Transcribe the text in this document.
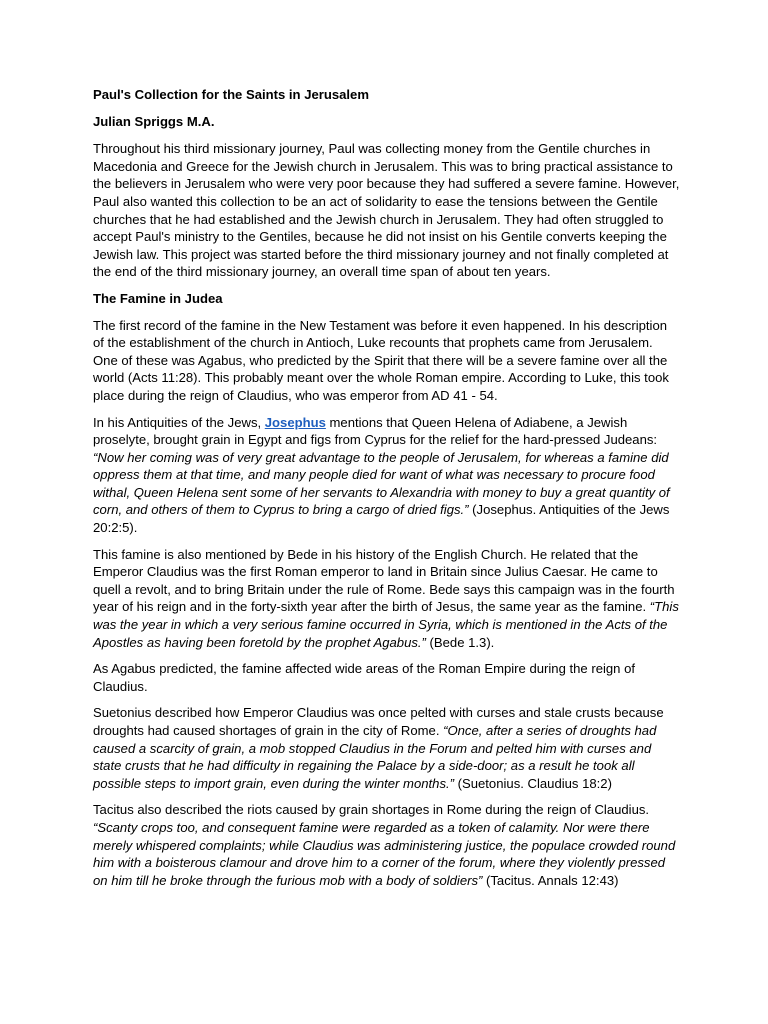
Paul's Collection for the Saints in Jerusalem
Julian Spriggs M.A.

Throughout his third missionary journey, Paul was collecting money from the Gentile churches in Macedonia and Greece for the Jewish church in Jerusalem. This was to bring practical assistance to the believers in Jerusalem who were very poor because they had suffered a severe famine. However, Paul also wanted this collection to be an act of solidarity to ease the tensions between the Gentile churches that he had established and the Jewish church in Jerusalem. They had often struggled to accept Paul's ministry to the Gentiles, because he did not insist on his Gentile converts keeping the Jewish law. This project was started before the third missionary journey and not finally completed at the end of the third missionary journey, an overall time span of about ten years.

The Famine in Judea

The first record of the famine in the New Testament was before it even happened. In his description of the establishment of the church in Antioch, Luke recounts that prophets came from Jerusalem. One of these was Agabus, who predicted by the Spirit that there will be a severe famine over all the world (Acts 11:28). This probably meant over the whole Roman empire. According to Luke, this took place during the reign of Claudius, who was emperor from AD 41 - 54.

In his Antiquities of the Jews, Josephus mentions that Queen Helena of Adiabene, a Jewish proselyte, brought grain in Egypt and figs from Cyprus for the relief for the hard-pressed Judeans: “Now her coming was of very great advantage to the people of Jerusalem, for whereas a famine did oppress them at that time, and many people died for want of what was necessary to procure food withal, Queen Helena sent some of her servants to Alexandria with money to buy a great quantity of corn, and others of them to Cyprus to bring a cargo of dried figs.” (Josephus. Antiquities of the Jews 20:2:5).

This famine is also mentioned by Bede in his history of the English Church. He related that the Emperor Claudius was the first Roman emperor to land in Britain since Julius Caesar. He came to quell a revolt, and to bring Britain under the rule of Rome. Bede says this campaign was in the fourth year of his reign and in the forty-sixth year after the birth of Jesus, the same year as the famine. “This was the year in which a very serious famine occurred in Syria, which is mentioned in the Acts of the Apostles as having been foretold by the prophet Agabus.” (Bede 1.3).

As Agabus predicted, the famine affected wide areas of the Roman Empire during the reign of Claudius.

Suetonius described how Emperor Claudius was once pelted with curses and stale crusts because droughts had caused shortages of grain in the city of Rome. “Once, after a series of droughts had caused a scarcity of grain, a mob stopped Claudius in the Forum and pelted him with curses and state crusts that he had difficulty in regaining the Palace by a side-door; as a result he took all possible steps to import grain, even during the winter months.” (Suetonius. Claudius 18:2)

Tacitus also described the riots caused by grain shortages in Rome during the reign of Claudius. “Scanty crops too, and consequent famine were regarded as a token of calamity. Nor were there merely whispered complaints; while Claudius was administering justice, the populace crowded round him with a boisterous clamour and drove him to a corner of the forum, where they violently pressed on him till he broke through the furious mob with a body of soldiers” (Tacitus. Annals 12:43)
